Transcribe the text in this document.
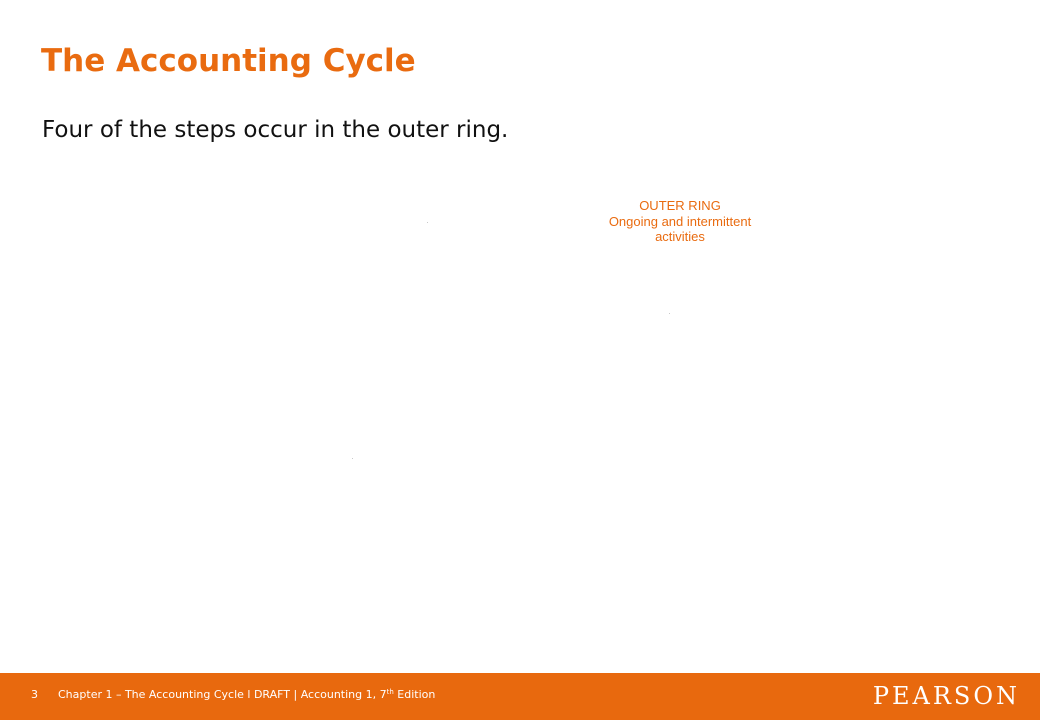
The Accounting Cycle

Four of the steps occur in the outer ring.

OUTER RING
Ongoing and intermittent
activities
3 Chapter 1 – The Accounting Cycle l DRAFT | Accounting 1, 7th Edition	PEARSON
